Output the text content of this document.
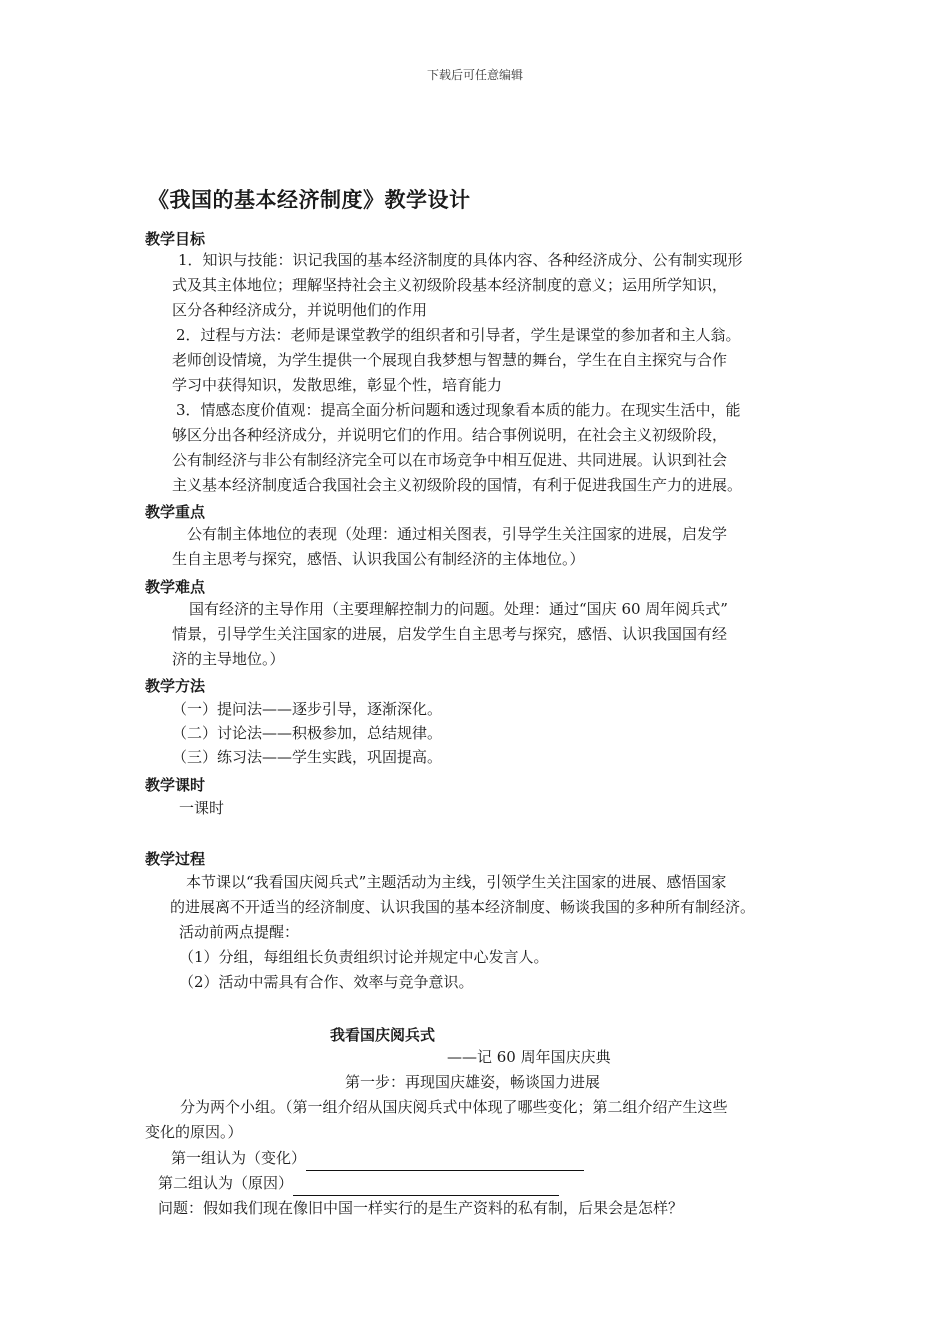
下载后可任意编辑
《我国的基本经济制度》教学设计
教学目标
1．知识与技能：识记我国的基本经济制度的具体内容、各种经济成分、公有制实现形
式及其主体地位；理解坚持社会主义初级阶段基本经济制度的意义；运用所学知识，
区分各种经济成分，并说明他们的作用
2．过程与方法：老师是课堂教学的组织者和引导者，学生是课堂的参加者和主人翁。
老师创设情境，为学生提供一个展现自我梦想与智慧的舞台，学生在自主探究与合作
学习中获得知识，发散思维，彰显个性，培育能力
3．情感态度价值观：提高全面分析问题和透过现象看本质的能力。在现实生活中，能
够区分出各种经济成分，并说明它们的作用。结合事例说明，在社会主义初级阶段，
公有制经济与非公有制经济完全可以在市场竞争中相互促进、共同进展。认识到社会
主义基本经济制度适合我国社会主义初级阶段的国情，有利于促进我国生产力的进展。
教学重点
公有制主体地位的表现（处理：通过相关图表，引导学生关注国家的进展，启发学
生自主思考与探究，感悟、认识我国公有制经济的主体地位。）
教学难点
国有经济的主导作用（主要理解控制力的问题。处理：通过“国庆 60 周年阅兵式”
情景，引导学生关注国家的进展，启发学生自主思考与探究，感悟、认识我国国有经
济的主导地位。）
教学方法
（一）提问法——逐步引导，逐渐深化。
（二）讨论法——积极参加，总结规律。
（三）练习法——学生实践，巩固提高。
教学课时
一课时
教学过程
本节课以“我看国庆阅兵式”主题活动为主线，引领学生关注国家的进展、感悟国家
的进展离不开适当的经济制度、认识我国的基本经济制度、畅谈我国的多种所有制经济。
活动前两点提醒：
（1）分组，每组组长负责组织讨论并规定中心发言人。
（2）活动中需具有合作、效率与竞争意识。
我看国庆阅兵式
——记 60 周年国庆庆典
第一步：再现国庆雄姿，畅谈国力进展
分为两个小组。（第一组介绍从国庆阅兵式中体现了哪些变化；第二组介绍产生这些
变化的原因。）
第一组认为（变化）
第二组认为（原因）
问题：假如我们现在像旧中国一样实行的是生产资料的私有制，后果会是怎样？
